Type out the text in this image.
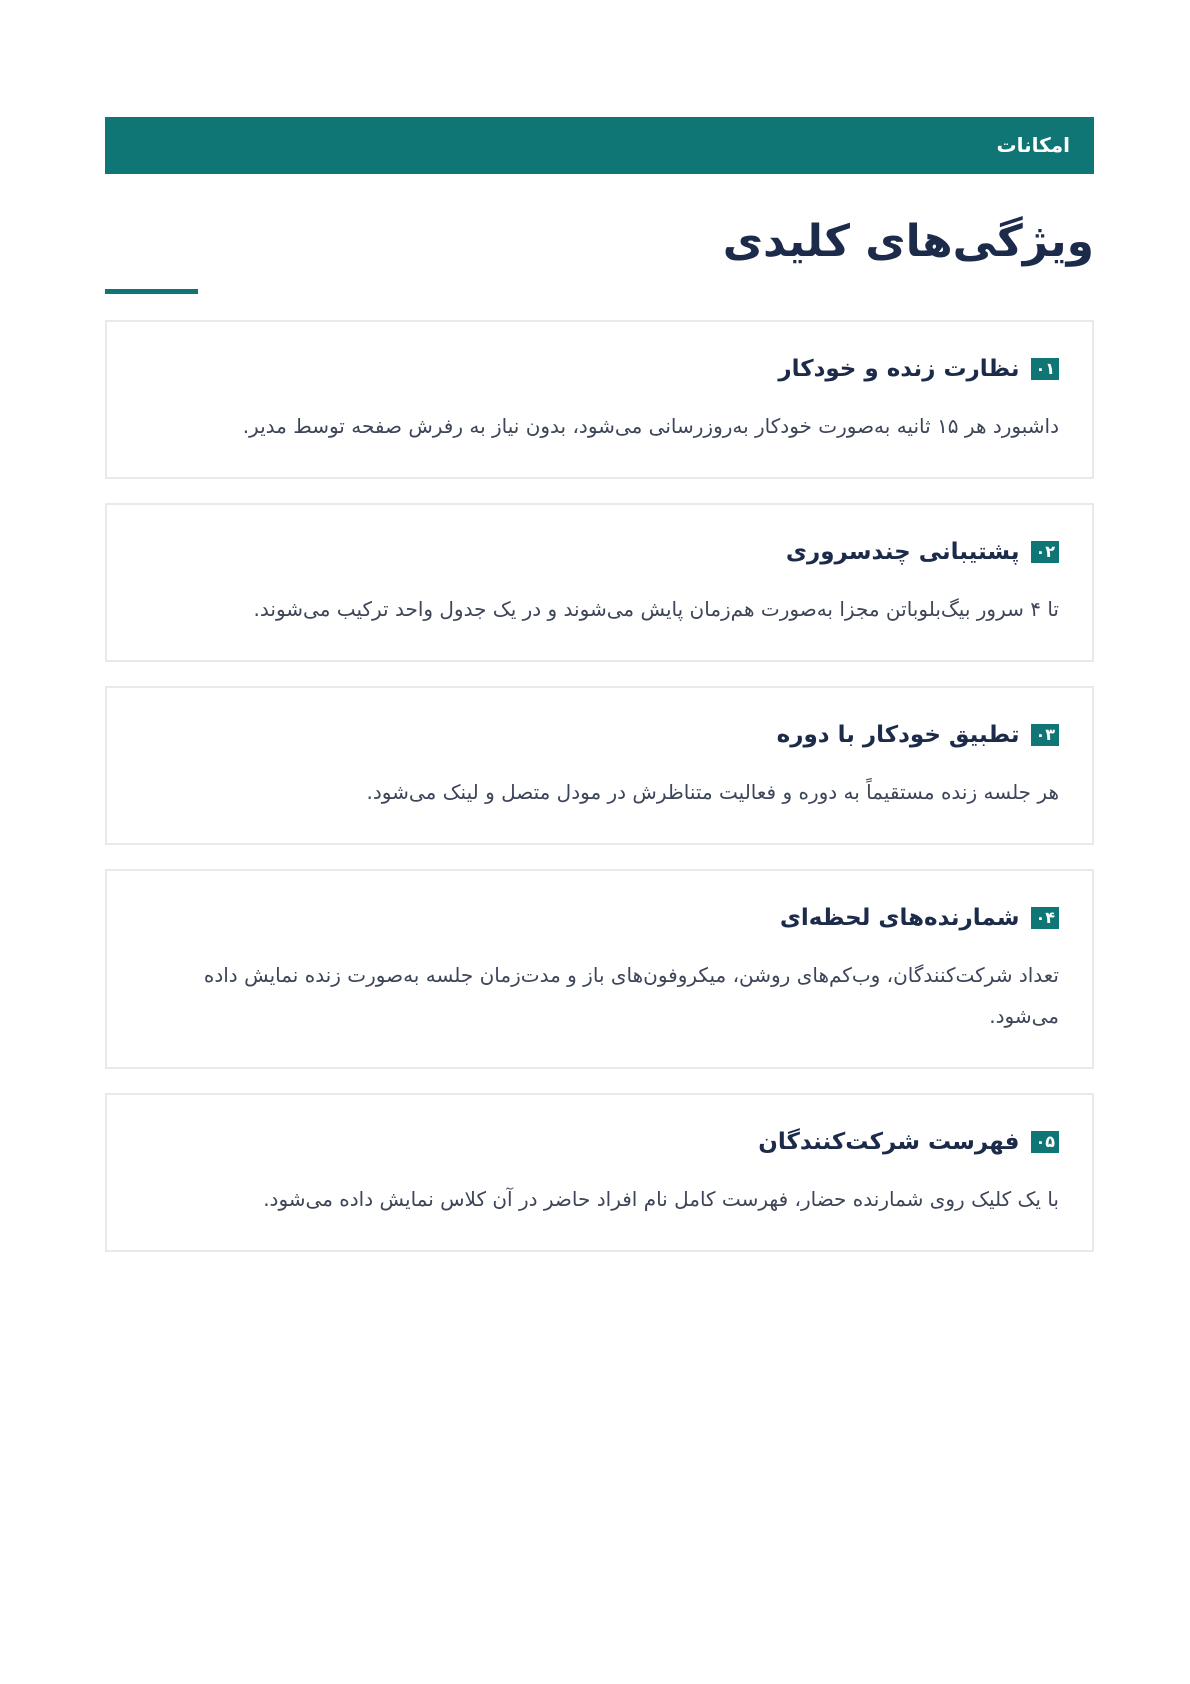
امکانات
ویژگی‌های کلیدی
۰۱
نظارت زنده و خودکار
داشبورد هر ۱۵ ثانیه به‌صورت خودکار به‌روزرسانی می‌شود، بدون نیاز به رفرش صفحه توسط مدیر.
۰۲
پشتیبانی چندسروری
تا ۴ سرور بیگ‌بلوباتن مجزا به‌صورت هم‌زمان پایش می‌شوند و در یک جدول واحد ترکیب می‌شوند.
۰۳
تطبیق خودکار با دوره
هر جلسه زنده مستقیماً به دوره و فعالیت متناظرش در مودل متصل و لینک می‌شود.
۰۴
شمارنده‌های لحظه‌ای
تعداد شرکت‌کنندگان، وب‌کم‌های روشن، میکروفون‌های باز و مدت‌زمان جلسه به‌صورت زنده نمایش داده می‌شود.
۰۵
فهرست شرکت‌کنندگان
با یک کلیک روی شمارنده حضار، فهرست کامل نام افراد حاضر در آن کلاس نمایش داده می‌شود.
